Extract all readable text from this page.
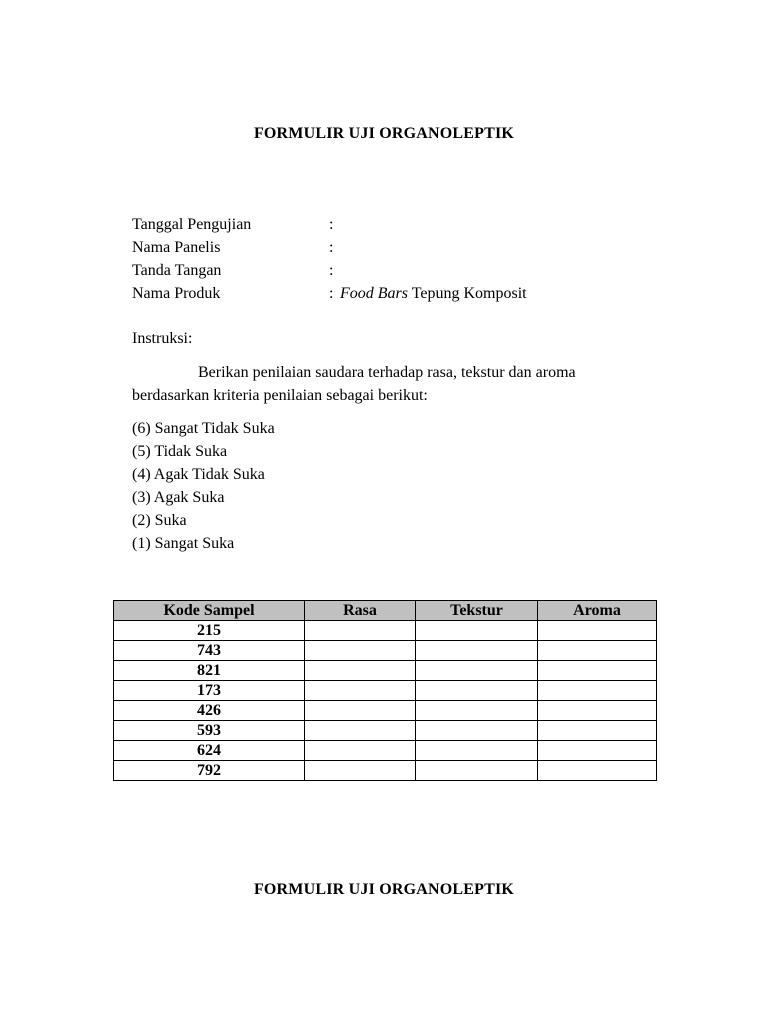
FORMULIR UJI ORGANOLEPTIK
Tanggal Pengujian	:
Nama Panelis	:
Tanda Tangan	:
Nama Produk	: Food Bars Tepung Komposit
Instruksi:
Berikan penilaian saudara terhadap rasa, tekstur dan aroma
berdasarkan kriteria penilaian sebagai berikut:
(6) Sangat Tidak Suka
(5) Tidak Suka
(4) Agak Tidak Suka
(3) Agak Suka
(2) Suka
(1) Sangat Suka
Kode Sampel	Rasa	Tekstur	Aroma
215			
743			
821			
173			
426			
593			
624			
792			
FORMULIR UJI ORGANOLEPTIK
